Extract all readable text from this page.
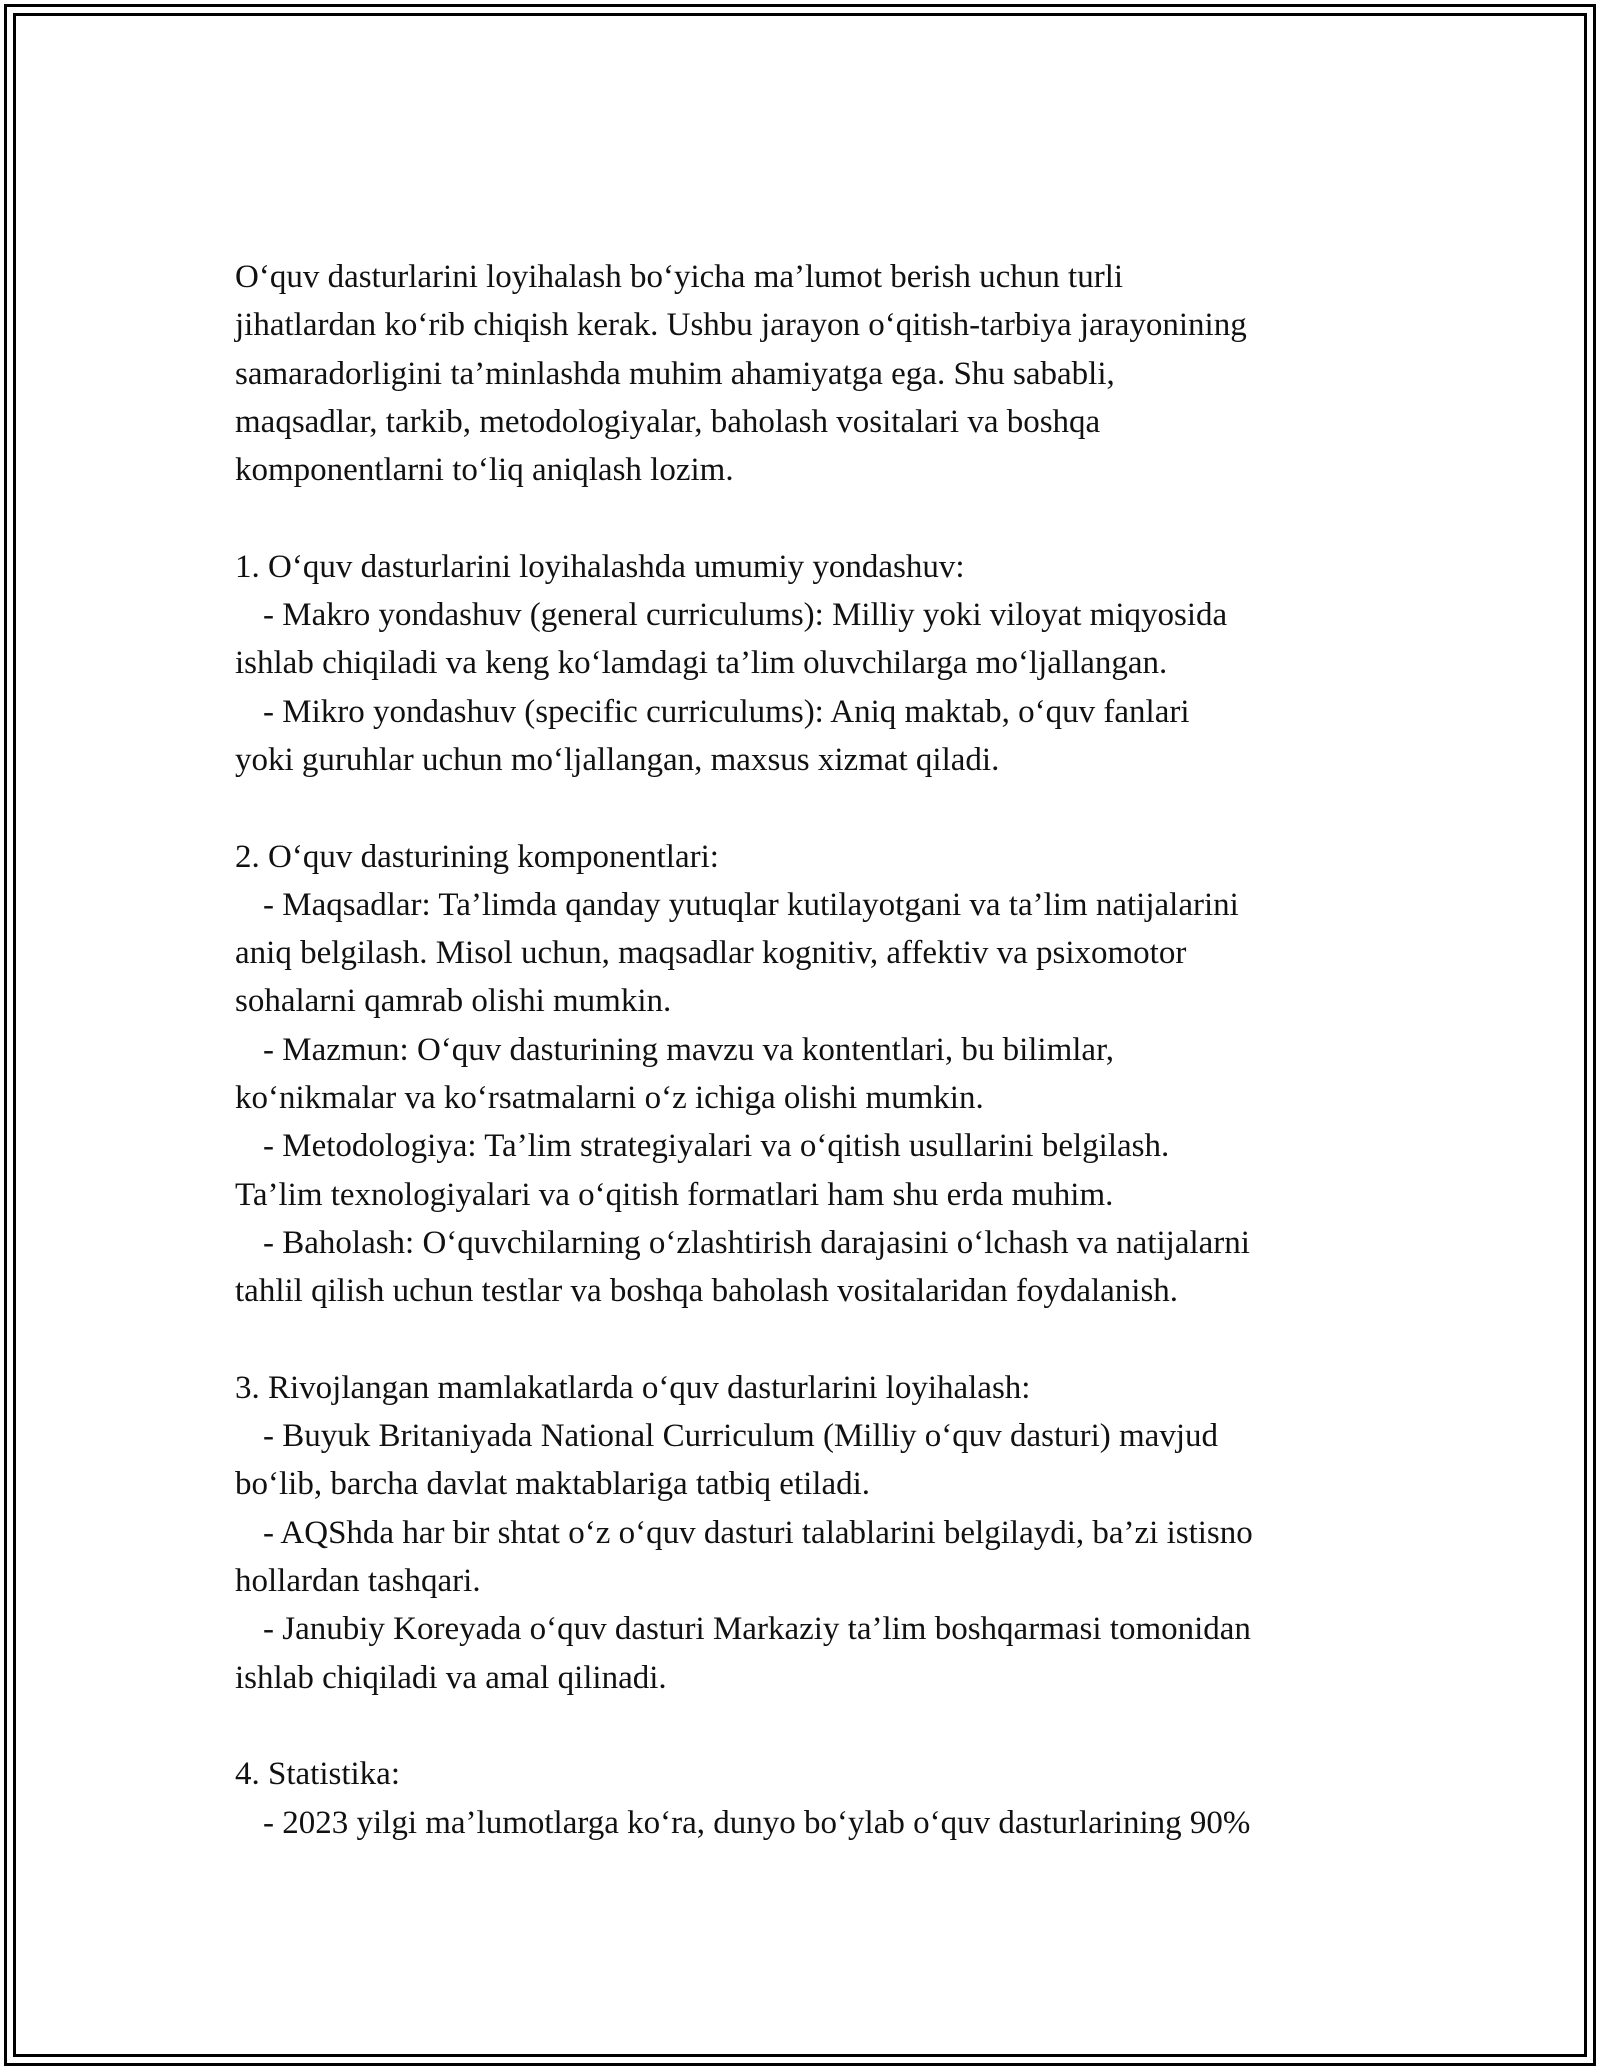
O‘quv dasturlarini loyihalash bo‘yicha ma’lumot berish uchun turli
jihatlardan ko‘rib chiqish kerak. Ushbu jarayon o‘qitish-tarbiya jarayonining
samaradorligini ta’minlashda muhim ahamiyatga ega. Shu sababli,
maqsadlar, tarkib, metodologiyalar, baholash vositalari va boshqa
komponentlarni to‘liq aniqlash lozim.
1. O‘quv dasturlarini loyihalashda umumiy yondashuv:
- Makro yondashuv (general curriculums): Milliy yoki viloyat miqyosida
ishlab chiqiladi va keng ko‘lamdagi ta’lim oluvchilarga mo‘ljallangan.
- Mikro yondashuv (specific curriculums): Aniq maktab, o‘quv fanlari
yoki guruhlar uchun mo‘ljallangan, maxsus xizmat qiladi.
2. O‘quv dasturining komponentlari:
- Maqsadlar: Ta’limda qanday yutuqlar kutilayotgani va ta’lim natijalarini
aniq belgilash. Misol uchun, maqsadlar kognitiv, affektiv va psixomotor
sohalarni qamrab olishi mumkin.
- Mazmun: O‘quv dasturining mavzu va kontentlari, bu bilimlar,
ko‘nikmalar va ko‘rsatmalarni o‘z ichiga olishi mumkin.
- Metodologiya: Ta’lim strategiyalari va o‘qitish usullarini belgilash.
Ta’lim texnologiyalari va o‘qitish formatlari ham shu erda muhim.
- Baholash: O‘quvchilarning o‘zlashtirish darajasini o‘lchash va natijalarni
tahlil qilish uchun testlar va boshqa baholash vositalaridan foydalanish.
3. Rivojlangan mamlakatlarda o‘quv dasturlarini loyihalash:
- Buyuk Britaniyada National Curriculum (Milliy o‘quv dasturi) mavjud
bo‘lib, barcha davlat maktablariga tatbiq etiladi.
- AQShda har bir shtat o‘z o‘quv dasturi talablarini belgilaydi, ba’zi istisno
hollardan tashqari.
- Janubiy Koreyada o‘quv dasturi Markaziy ta’lim boshqarmasi tomonidan
ishlab chiqiladi va amal qilinadi.
4. Statistika:
- 2023 yilgi ma’lumotlarga ko‘ra, dunyo bo‘ylab o‘quv dasturlarining 90%
